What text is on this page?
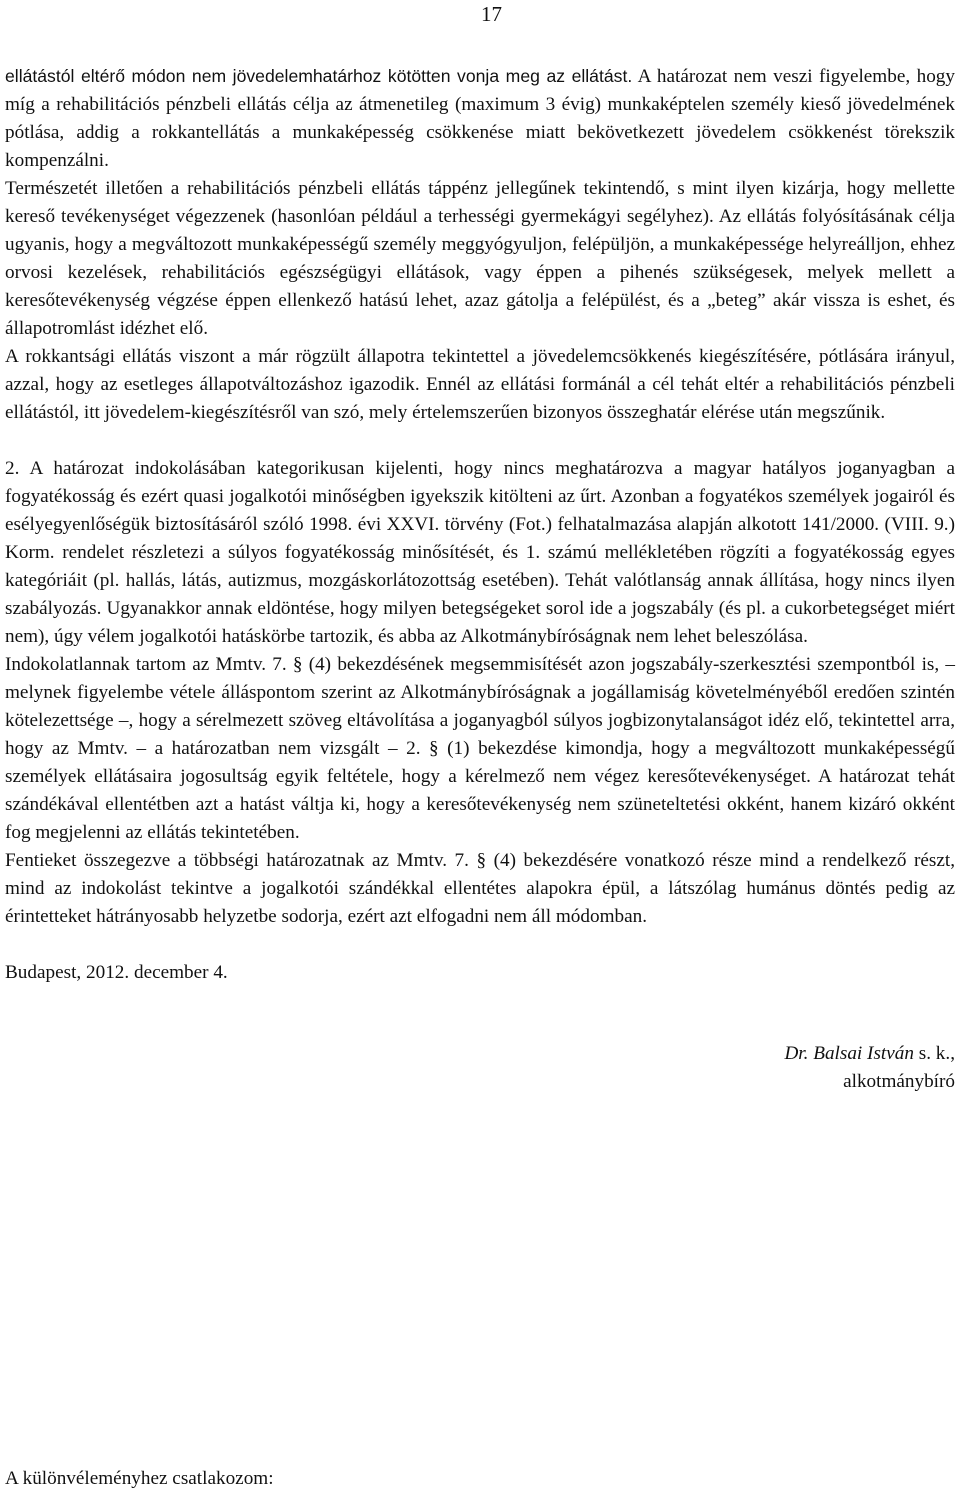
17

ellátástól eltérő módon nem jövedelemhatárhoz kötötten vonja meg az ellátást. A határozat nem veszi figyelembe, hogy míg a rehabilitációs pénzbeli ellátás célja az átmenetileg (maximum 3 évig) munkaképtelen személy kieső jövedelmének pótlása, addig a rokkantellátás a munkaképesség csökkenése miatt bekövetkezett jövedelem csökkenést törekszik kompenzálni.

Természetét illetően a rehabilitációs pénzbeli ellátás táppénz jellegűnek tekintendő, s mint ilyen kizárja, hogy mellette kereső tevékenységet végezzenek (hasonlóan például a terhességi gyermekágyi segélyhez). Az ellátás folyósításának célja ugyanis, hogy a megváltozott munkaképességű személy meggyógyuljon, felépüljön, a munkaképessége helyreálljon, ehhez orvosi kezelések, rehabilitációs egészségügyi ellátások, vagy éppen a pihenés szükségesek, melyek mellett a keresőtevékenység végzése éppen ellenkező hatású lehet, azaz gátolja a felépülést, és a „beteg” akár vissza is eshet, és állapotromlást idézhet elő.

A rokkantsági ellátás viszont a már rögzült állapotra tekintettel a jövedelemcsökkenés kiegészítésére, pótlására irányul, azzal, hogy az esetleges állapotváltozáshoz igazodik. Ennél az ellátási formánál a cél tehát eltér a rehabilitációs pénzbeli ellátástól, itt jövedelem-kiegészítésről van szó, mely értelemszerűen bizonyos összeghatár elérése után megszűnik.

2. A határozat indokolásában kategorikusan kijelenti, hogy nincs meghatározva a magyar hatályos joganyagban a fogyatékosság és ezért quasi jogalkotói minőségben igyekszik kitölteni az űrt. Azonban a fogyatékos személyek jogairól és esélyegyenlőségük biztosításáról szóló 1998. évi XXVI. törvény (Fot.) felhatalmazása alapján alkotott 141/2000. (VIII. 9.) Korm. rendelet részletezi a súlyos fogyatékosság minősítését, és 1. számú mellékletében rögzíti a fogyatékosság egyes kategóriáit (pl. hallás, látás, autizmus, mozgáskorlátozottság esetében). Tehát valótlanság annak állítása, hogy nincs ilyen szabályozás. Ugyanakkor annak eldöntése, hogy milyen betegségeket sorol ide a jogszabály (és pl. a cukorbetegséget miért nem), úgy vélem jogalkotói hatáskörbe tartozik, és abba az Alkotmánybíróságnak nem lehet beleszólása.

Indokolatlannak tartom az Mmtv. 7. § (4) bekezdésének megsemmisítését azon jogszabály-szerkesztési szempontból is, – melynek figyelembe vétele álláspontom szerint az Alkotmánybíróságnak a jogállamiság követelményéből eredően szintén kötelezettsége –, hogy a sérelmezett szöveg eltávolítása a joganyagból súlyos jogbizonytalanságot idéz elő, tekintettel arra, hogy az Mmtv. – a határozatban nem vizsgált – 2. § (1) bekezdése kimondja, hogy a megváltozott munkaképességű személyek ellátásaira jogosultság egyik feltétele, hogy a kérelmező nem végez keresőtevékenységet. A határozat tehát szándékával ellentétben azt a hatást váltja ki, hogy a keresőtevékenység nem szüneteltetési okként, hanem kizáró okként fog megjelenni az ellátás tekintetében.

Fentieket összegezve a többségi határozatnak az Mmtv. 7. § (4) bekezdésére vonatkozó része mind a rendelkező részt, mind az indokolást tekintve a jogalkotói szándékkal ellentétes alapokra épül, a látszólag humánus döntés pedig az érintetteket hátrányosabb helyzetbe sodorja, ezért azt elfogadni nem áll módomban.

Budapest, 2012. december 4.

Dr. Balsai István s. k.,
alkotmánybíró
A különvéleményhez csatlakozom:
